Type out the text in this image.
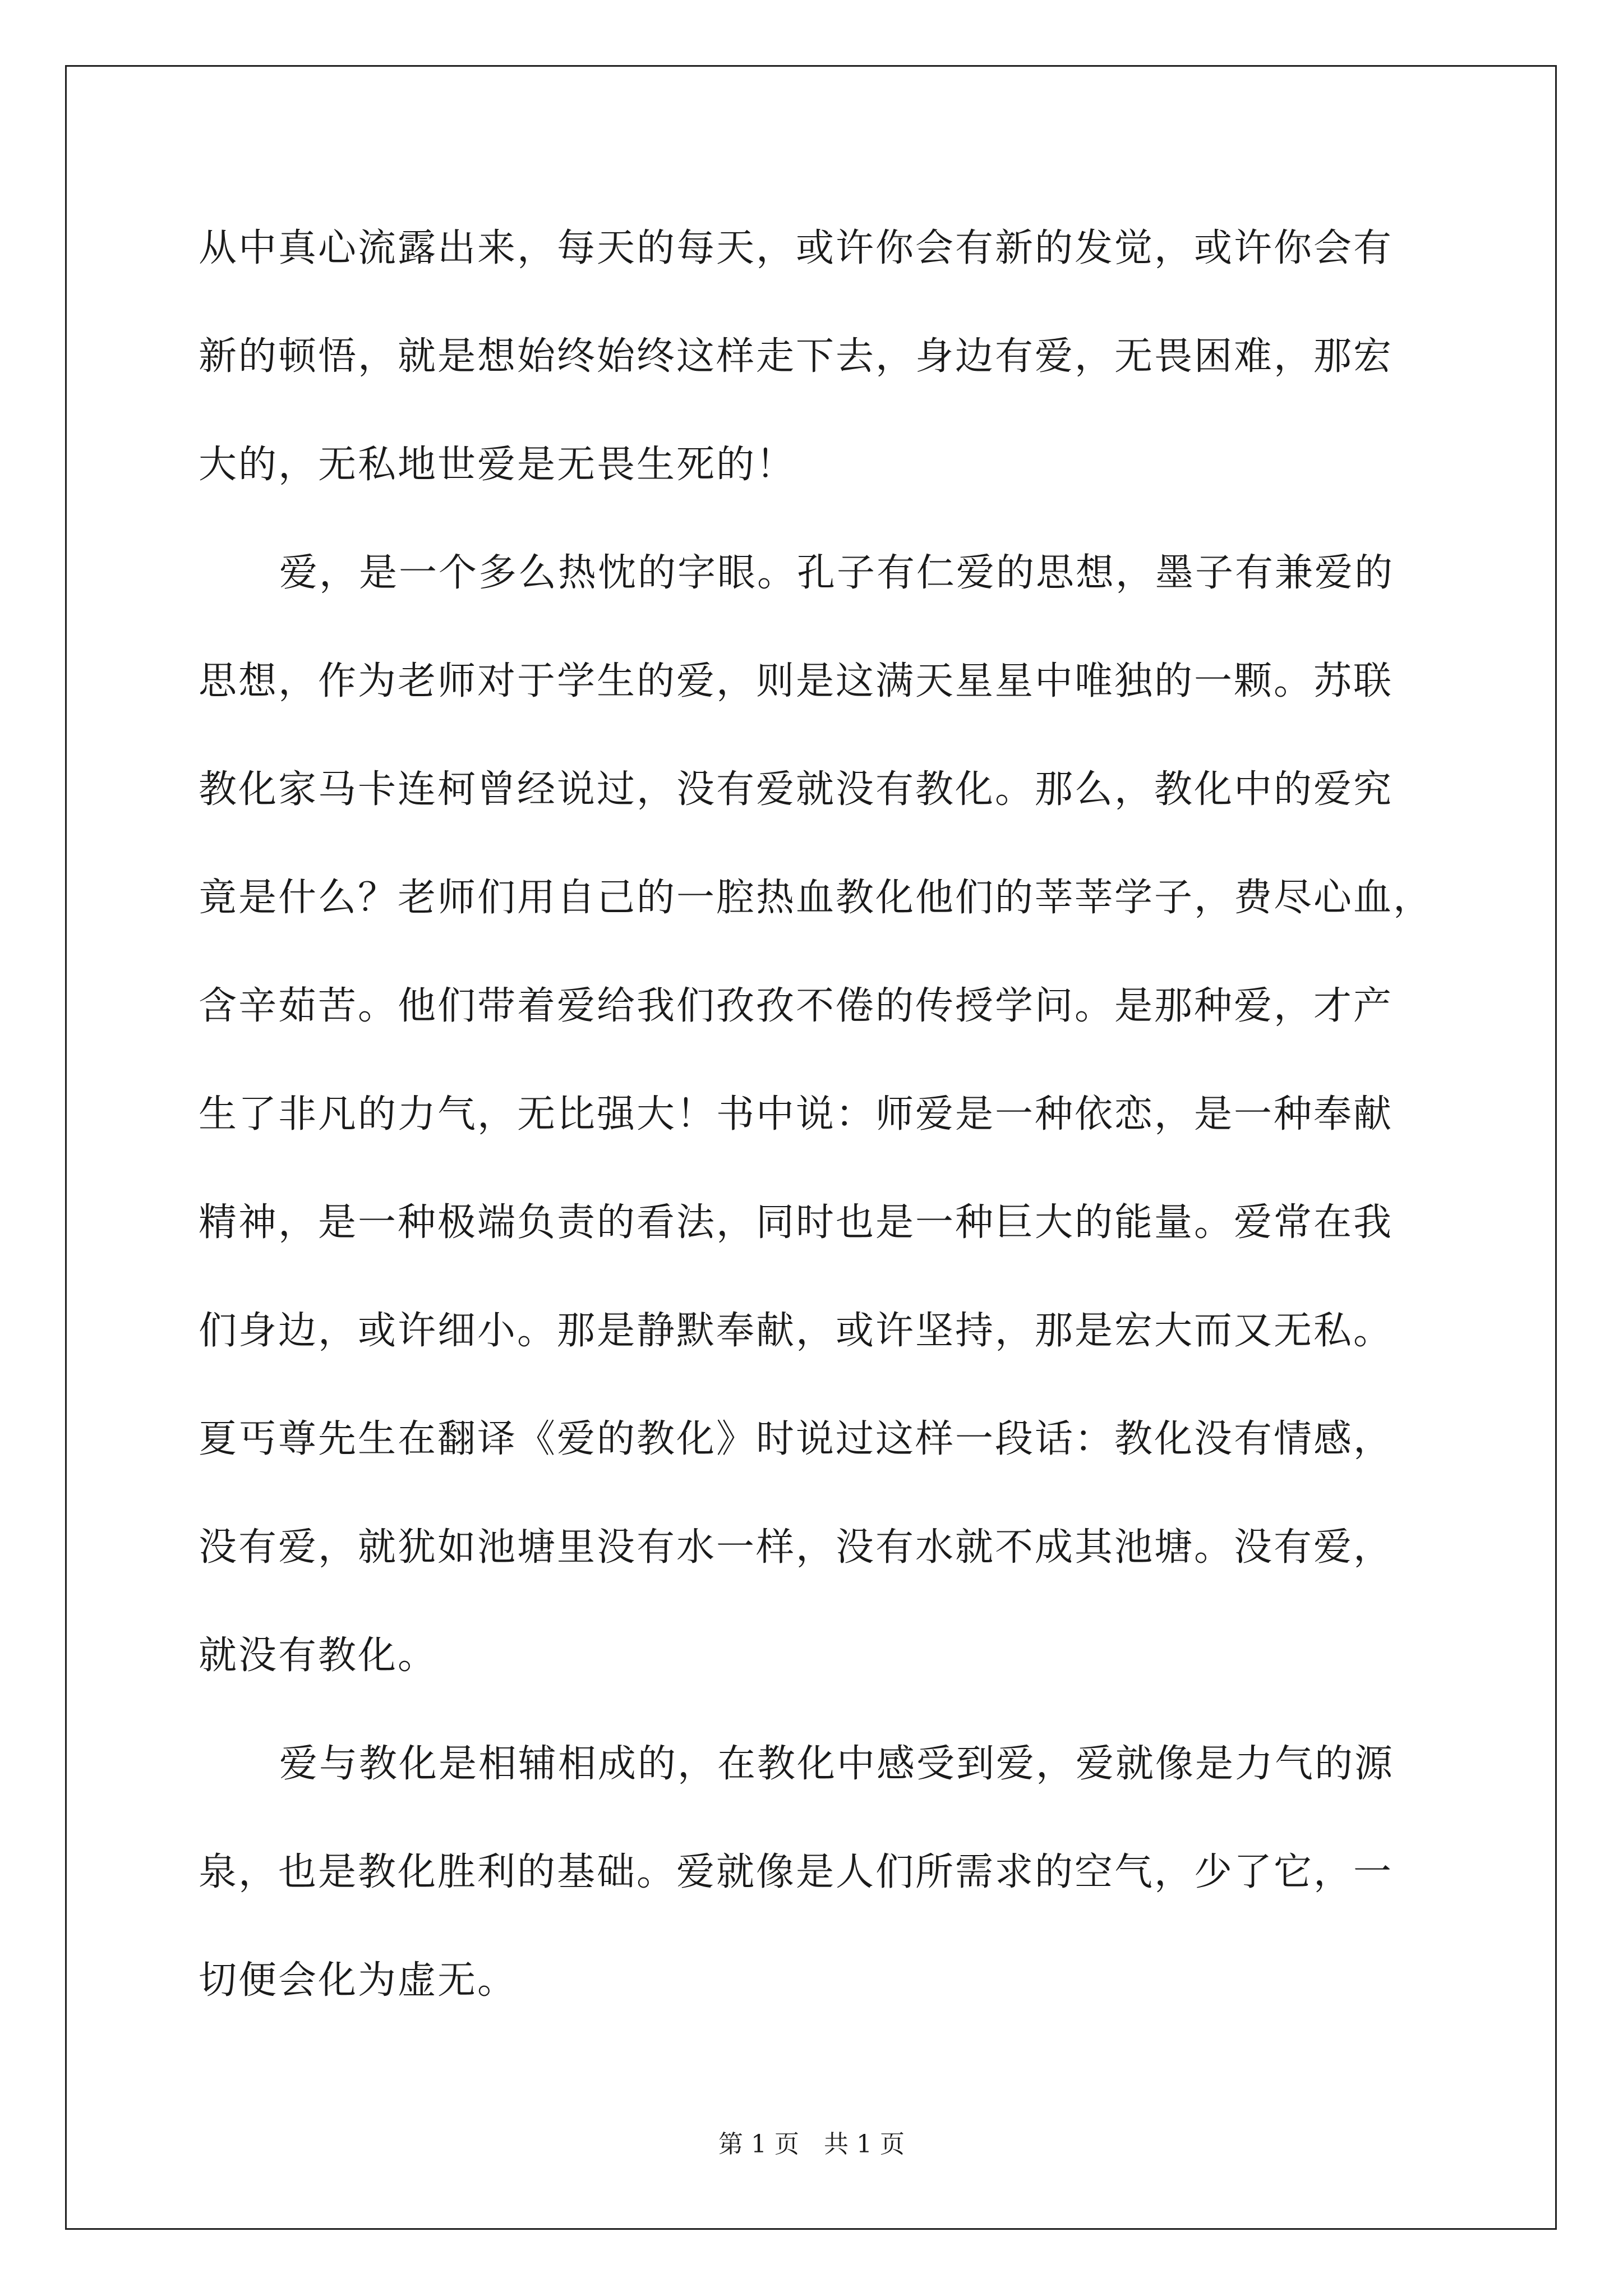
从中真心流露出来，每天的每天，或许你会有新的发觉，或许你会有
新的顿悟，就是想始终始终这样走下去，身边有爱，无畏困难，那宏
大的，无私地世爱是无畏生死的！
爱，是一个多么热忱的字眼。孔子有仁爱的思想，墨子有兼爱的
思想，作为老师对于学生的爱，则是这满天星星中唯独的一颗。苏联
教化家马卡连柯曾经说过，没有爱就没有教化。那么，教化中的爱究
竟是什么？老师们用自己的一腔热血教化他们的莘莘学子，费尽心血，
含辛茹苦。他们带着爱给我们孜孜不倦的传授学问。是那种爱，才产
生了非凡的力气，无比强大！书中说：师爱是一种依恋，是一种奉献
精神，是一种极端负责的看法，同时也是一种巨大的能量。爱常在我
们身边，或许细小。那是静默奉献，或许坚持，那是宏大而又无私。
夏丐尊先生在翻译《爱的教化》时说过这样一段话：教化没有情感，
没有爱，就犹如池塘里没有水一样，没有水就不成其池塘。没有爱，
就没有教化。
爱与教化是相辅相成的，在教化中感受到爱，爱就像是力气的源
泉，也是教化胜利的基础。爱就像是人们所需求的空气，少了它，一
切便会化为虚无。
第 1 页 共 1 页
